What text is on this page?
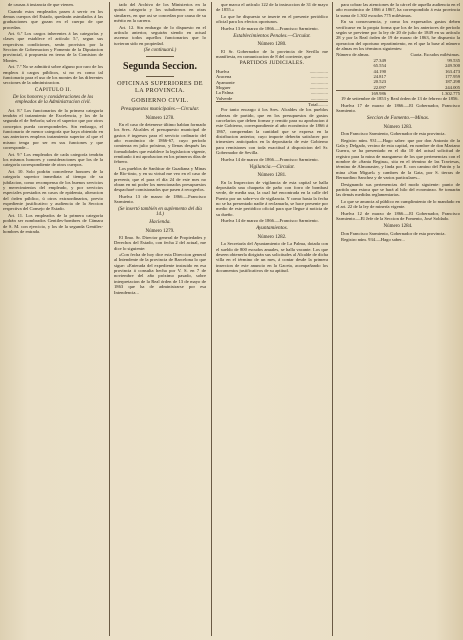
de causas á instancia de que vienen.

Cuando estos empleados pasen á servir en los demas cuerpos del Estado, quedarán asimilados á las graduaciones que gozan en el cuerpo de que procedan.

Art. 6.º Los cargos inherentes á las categorías y clases que establece el artículo 5.º, segun sus respectivas condiciones, serán provistos por la Seccion de Gobernacion y Fomento de la Diputacion provincial, á propuesta en terna de la Comision de Montes.

Art. 7.º No se admitirá sobre alguno por raro de los empleos á cargos públicos, si no es como tal funcionario para el uso de los montes de las diferentes secciones de la administracion.

CAPITULO II.

De los honores y consideraciones de los empleados de la Administracion civil.

Art. 8.º Los funcionarios de la primera categoría tendrán el tratamiento de Excelencia, y los de la segunda el de Señoría; salvo el superior que por otros conceptos pueda corresponderles. Sin embargo, el funcionario de menor categoría que haya obtenido en sus anteriores empleos tratamiento superior al que el mismo tenga por ser en sus funciones y que corresponde...

Art. 9.º Los empleados de cada categoría tendrán los mismos honores y consideraciones que los de la categoría correspondiente de otros cuerpos.

Art. 10. Solo podrán concederse honores de la categoría superior inmediata al tiempo de su jubilacion, como recompensa de los buenos servicios y merecimientos del empleado, y por servicios especiales prestados en casos de epidemia, alteracion del órden público, ú otros extraordinarios, previo expediente justificativo y audiencia de la Seccion respectiva del Consejo de Estado.

Art. 11. Los empleados de la primera categoría podrán ser nombrados Gentiles-hombres de Cámara de S. M. con ejercicio, y los de la segunda Gentiles-hombres de entrada.

tado del Archivo de los Ministerios en la quinta categoría y los subalternos en otras similares, en que asi se concedan por causa de su mérito en la carrera.

Art. 12. Sin embargo de lo dispuesto en el artículo anterior, seguirán siendo en actual ascenso todos aquellos funcionarios que lo tuvieran sido en propiedad.

(Se continuará.)

Segunda Seccion.

OFICINAS SUPERIORES DE LA PROVINCIA.

GOBIERNO CIVIL.

Presupuestos municipales.—Circular.

Número 1278.

En el caso de detenerse último habían formado los Sres. Alcaldes el presupuesto municipal de gastos é ingresos para el servicio ordinario del año económico de 1866-67, cuyo período comienza en julio próximo, y llenas después las formalidades que establece la legislacion vigente, remítanlo á mi aprobacion en los primeros días de febrero.

Los pueblos de Sanlúcar de Guadiana y Minas de Río-tinto, y en su virtud me veo en el caso de prevenir, que el para el día 24 de este mes no obran en mi poder los mencionados presupuestos despacharé comisionados que pasen á recogerlos.

Huelva 13 de marzo de 1866.—Francisco Sarmiento.

(Se insertó también en suplemento del día 14.)

Hacienda.

Número 1279.

El Ilmo. Sr. Director general de Propiedades y Derechos del Estado, con fecha 2 del actual, me dice lo siguiente:

«Con fecha de hoy dice esta Direccion general al Intendente de la provincia de Barcelona lo que sigue: «Enterada del expediente instruido en esa provincia á consulta hecha por V. S. en 7 de noviembre del año próximo pasado, sobre interpretacion de la Real órden de 13 de mayo de 1863 que ha de administrarse por esa Intendencia...

que marca el artículo 122 de la instruccion de 31 de mayo de 1855.»

Lo que he dispuesto se inserte en el presente periódico oficial para los efectos oportunos.

Huelva 13 de marzo de 1866.—Francisco Sarmiento.

Establecimientos Penales.—Circular.

Número 1280.

El Sr. Gobernador de la provincia de Sevilla me manifiesta, en comunicacion de 8 del corriente, que

PARTIDOS JUDICIALES.

Huelva	................
Aracena	...............
Ayamonte	...............
Moguer	................
La Palma	...............
Valverde	...............
Total.........	

Por tanto encargo á los Sres. Alcaldes de los pueblos cabezas de partido, que en los presupuestos de gastos carcelarios que deben formar y remitir para su aprobacion á este Gobierno, correspondiente al año económico de 1866 á 1867, comprendan la cantidad que se expresa en la distribucion anterior, cuyo importe deberán satisfacer por trimestres anticipados en la depositaría de este Gobierno para remisiones con toda exactitud á disposicion del Sr. Gobernador de Sevilla.

Huelva 14 de marzo de 1866.—Francisco Sarmiento.

Vigilancia.—Circular.

Número 1281.

En la Inspeccion de vigilancia de esta capital se halla depositada una chaqueta de paño con forro de bombasí verde, de media usa, la cual fué encontrada en la calle del Puerto por un sobre-vo de vigilancia. Y como hasta la fecha no se ha presentado nadie á reclamarla, se hace presente por medio de este periódico oficial para que llegue á noticia de su dueño.

Huelva 14 de marzo de 1866.—Francisco Sarmiento.

Ayuntamientos.

Número 1282.

La Secretaría del Ayuntamiento de La Palma, dotada con el sueldo de 800 escudos anuales, se halla vacante. Los que deseen obtenerla dirigirán sus solicitudes al Alcalde de dicha villa en el término de un mes, á contar desde la primera insercion de este anuncio en la Gaceta, acompañando los documentos justificativos de su aptitud.

para cobrar las atenciones de la cárcel de aquella audiencia en el año económico de 1866 á 1867, ha correspondido á esta provincia la suma de 1.302 escudos 775 milésimas.

En su consecuencia, y como los expresados gastos deben verificarse en la propia forma que los de los anteriores de período según se previene por la ley de 20 de julio de 1849 en su artículo 28 y por la Real órden de 19 de marzo de 1863, he dispuesto la operacion del oportuno repartimiento, en el que la base al número de almas en los términos siguientes:

Número de almas.	Cuota. Escudos milésimas.
27.349	99.535
65.554	249.500
44.190	163.473
24.817	177.959
20.523	187.298
22.097	244.005
169.986	1.302.775

19 de setiembre de 1853 y Real órden de 13 de febrero de 1856.

Huelva 17 de marzo de 1866.—El Gobernador, Francisco Sarmiento.

Seccion de Fomento.—Minas.

Número 1283.

Don Francisco Sarmiento, Gobernador de esta provincia.

Registro núm. 931.—Hago saber: que por don Antonio de la Gala y Delgado, vecino de esta capital, en nombre de don Mariano Guerra, se ha presentado en el día 10 del actual solicitud de registro para la mina de manganeso de los que pertenencias con el nombre de «Santa Regina», sita en el término de las Traviesas, término de Almonaster, y linda por E. con camino del Patrón y la mina «San Miguel» y cambres de la Gata, por S. tierras de Bernardino Sanchez y de varios particulares...

Designando sus pertenencias del modo siguiente: punto de partida una estaca que se hará al hilo del ecrominzo. Se tomarán las demás medidas reglamentarias.

Lo que se anuncia al público en cumplimiento de lo mandado en el art. 22 de la ley de minería vigente.

Huelva 12 de marzo de 1866.—El Gobernador, Francisco Sarmiento.—El Jefe de la Seccion de Fomento, José Soldado.

Número 1284.

Don Francisco Sarmiento, Gobernador de esta provincia.

Registro núm. 934.—Hago saber...
